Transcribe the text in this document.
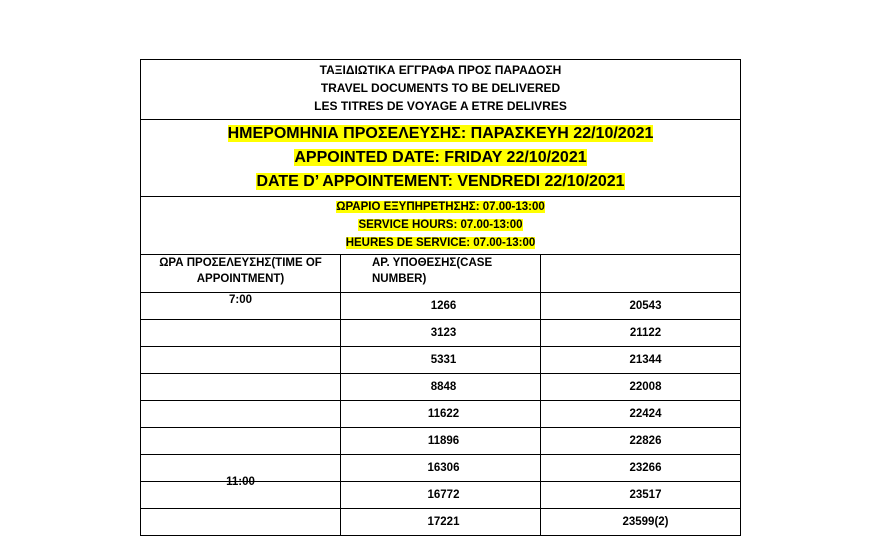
ΤΑΞΙΔΙΩΤΙΚΑ ΕΓΓΡΑΦΑ ΠΡΟΣ ΠΑΡΑΔΟΣΗ
TRAVEL DOCUMENTS TO BE DELIVERED
LES TITRES DE VOYAGE A ETRE DELIVRES		

ΗΜΕΡΟΜΗΝΙΑ ΠΡΟΣΕΛΕΥΣΗΣ: ΠΑΡΑΣΚΕΥΗ 22/10/2021
APPOINTED DATE: FRIDAY 22/10/2021
DATE D’ APPOINTEMENT: VENDREDI 22/10/2021		

ΩΡΑΡΙΟ ΕΞΥΠΗΡΕΤΗΣΗΣ: 07.00-13:00
SERVICE HOURS: 07.00-13:00
HEURES DE SERVICE: 07.00-13:00		

ΩΡΑ ΠΡΟΣΕΛΕΥΣΗΣ(TIME OF APPOINTMENT)	ΑΡ. ΥΠΟΘΕΣΗΣ(CASE NUMBER)	

7:00	1266	20543
	3123	21122
	5331	21344
	8848	22008
	11622	22424
	11896	22826
11:00	16306	23266
	16772	23517
	17221	23599(2)
